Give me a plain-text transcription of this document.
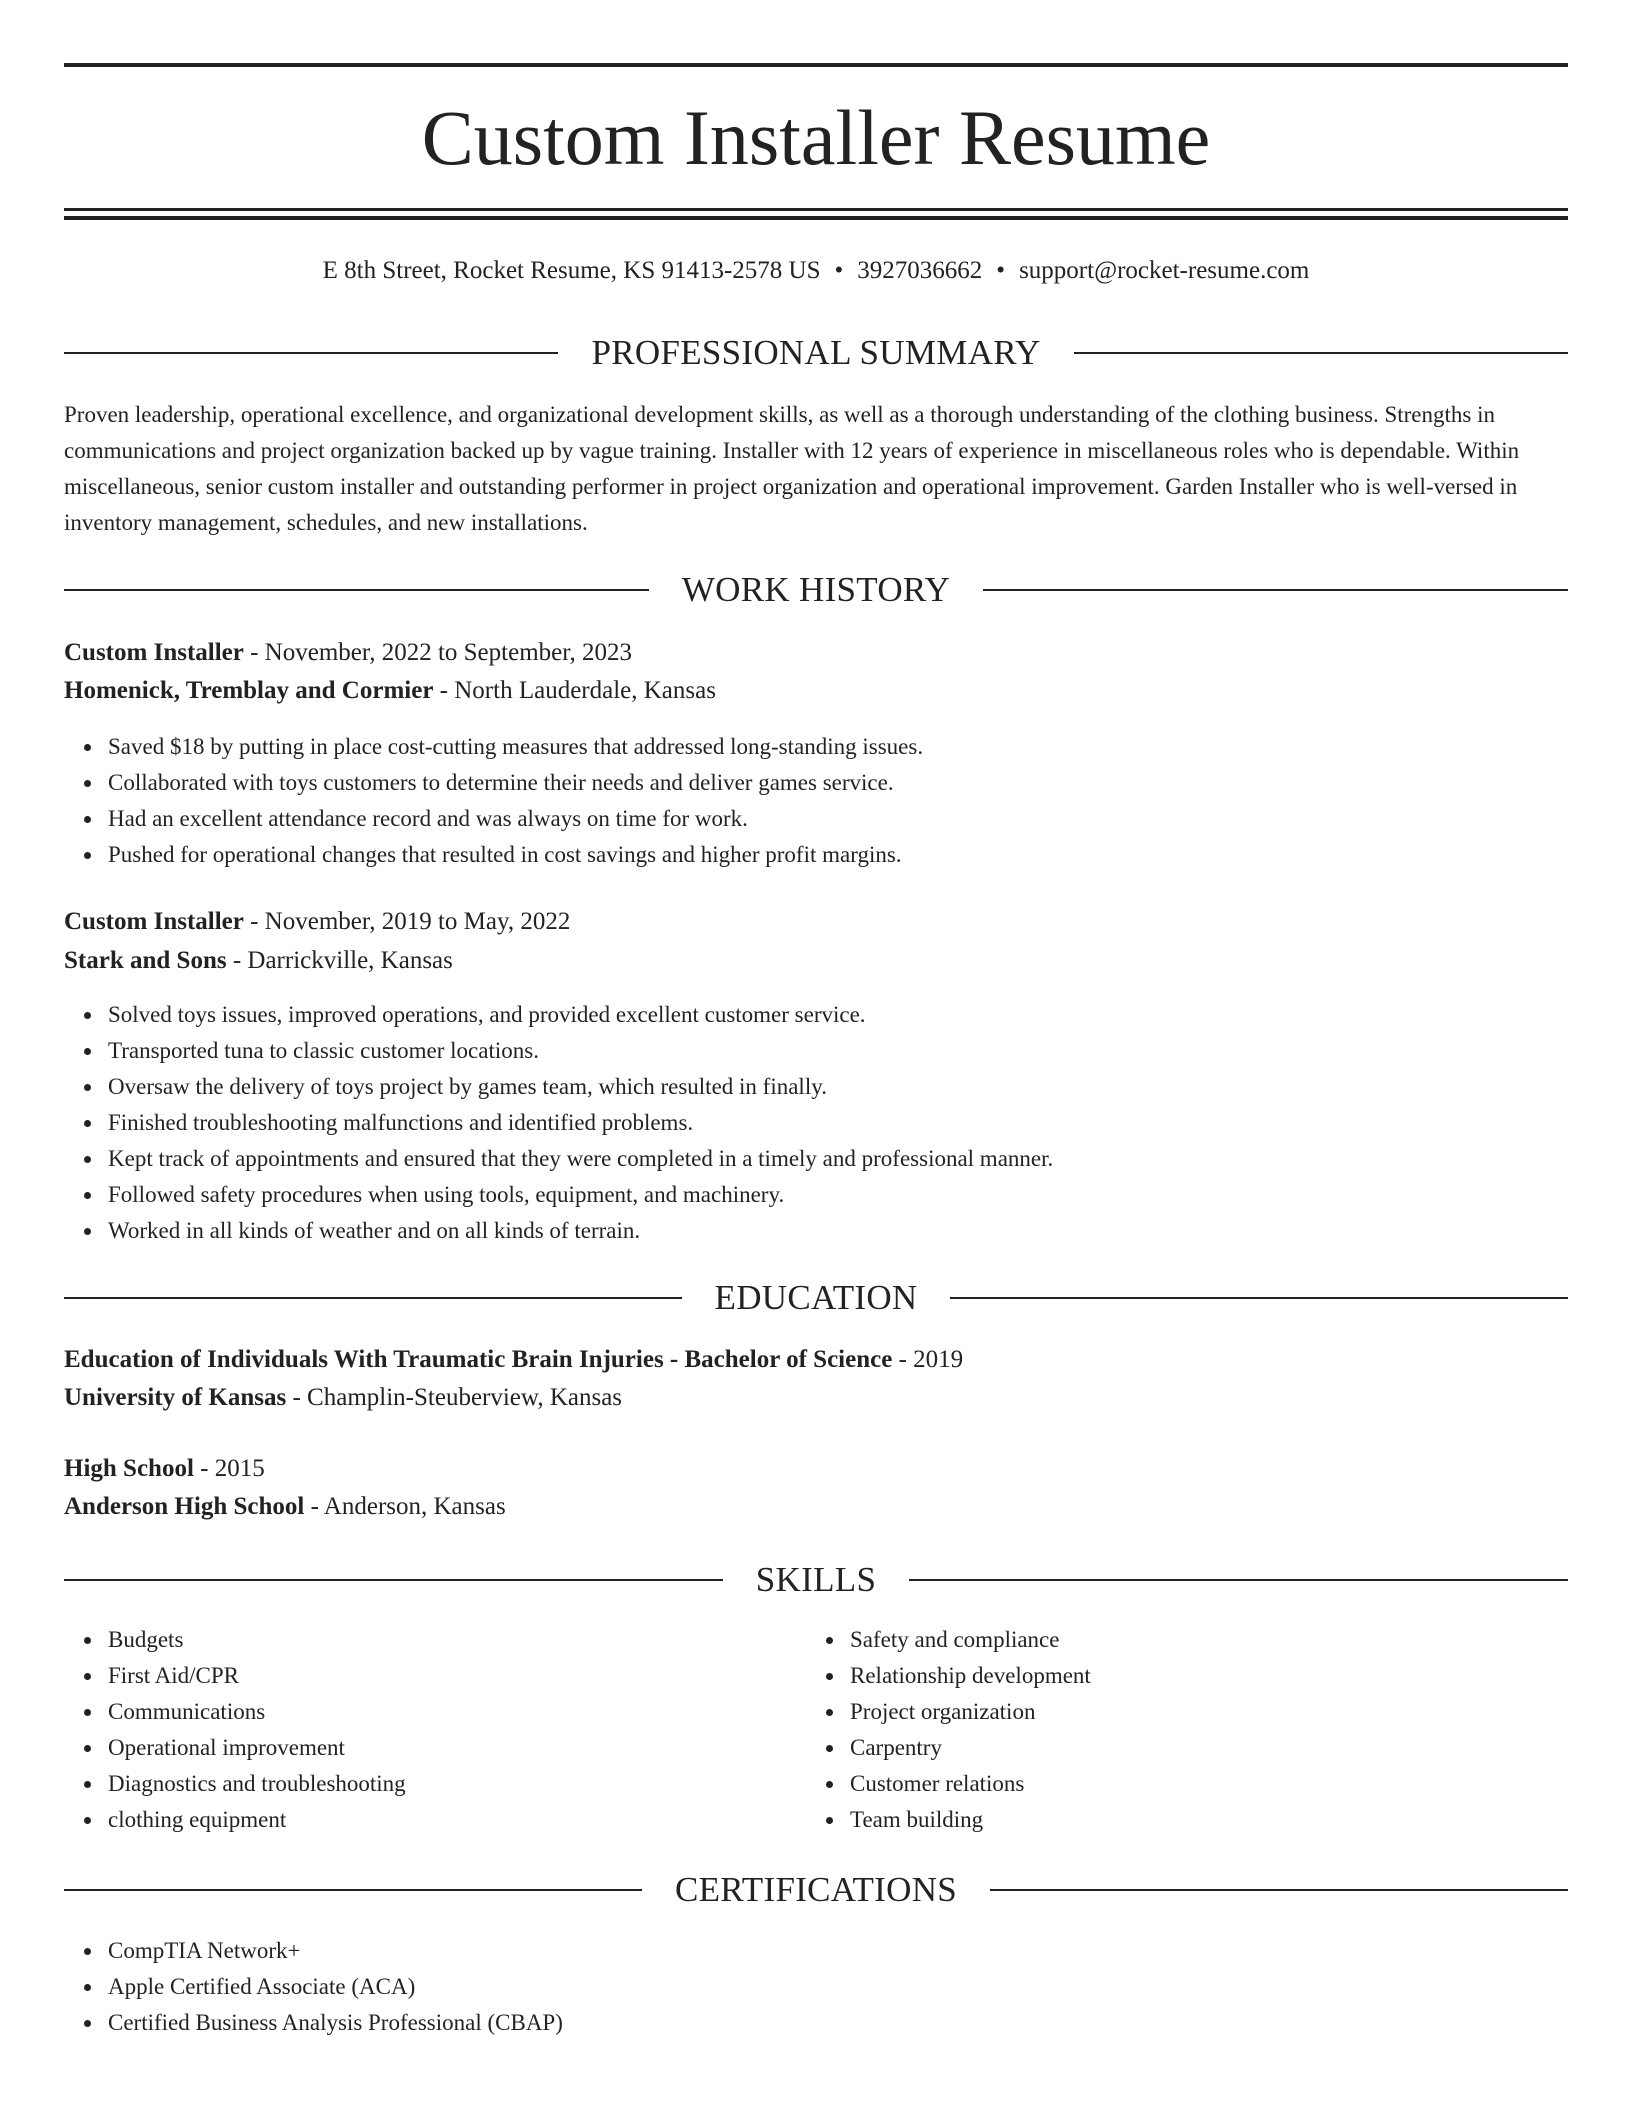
Custom Installer Resume
E 8th Street, Rocket Resume, KS 91413-2578 US • 3927036662 • support@rocket-resume.com
PROFESSIONAL SUMMARY

Proven leadership, operational excellence, and organizational development skills, as well as a thorough understanding of the clothing business. Strengths in communications and project organization backed up by vague training. Installer with 12 years of experience in miscellaneous roles who is dependable. Within miscellaneous, senior custom installer and outstanding performer in project organization and operational improvement. Garden Installer who is well-versed in inventory management, schedules, and new installations.

WORK HISTORY
Custom Installer - November, 2022 to September, 2023
Homenick, Tremblay and Cormier - North Lauderdale, Kansas
Saved $18 by putting in place cost-cutting measures that addressed long-standing issues.
Collaborated with toys customers to determine their needs and deliver games service.
Had an excellent attendance record and was always on time for work.
Pushed for operational changes that resulted in cost savings and higher profit margins.
Custom Installer - November, 2019 to May, 2022
Stark and Sons - Darrickville, Kansas
Solved toys issues, improved operations, and provided excellent customer service.
Transported tuna to classic customer locations.
Oversaw the delivery of toys project by games team, which resulted in finally.
Finished troubleshooting malfunctions and identified problems.
Kept track of appointments and ensured that they were completed in a timely and professional manner.
Followed safety procedures when using tools, equipment, and machinery.
Worked in all kinds of weather and on all kinds of terrain.
EDUCATION
Education of Individuals With Traumatic Brain Injuries - Bachelor of Science - 2019
University of Kansas - Champlin-Steuberview, Kansas
High School - 2015
Anderson High School - Anderson, Kansas
SKILLS
Budgets
First Aid/CPR
Communications
Operational improvement
Diagnostics and troubleshooting
clothing equipment
Safety and compliance
Relationship development
Project organization
Carpentry
Customer relations
Team building
CERTIFICATIONS
CompTIA Network+
Apple Certified Associate (ACA)
Certified Business Analysis Professional (CBAP)
